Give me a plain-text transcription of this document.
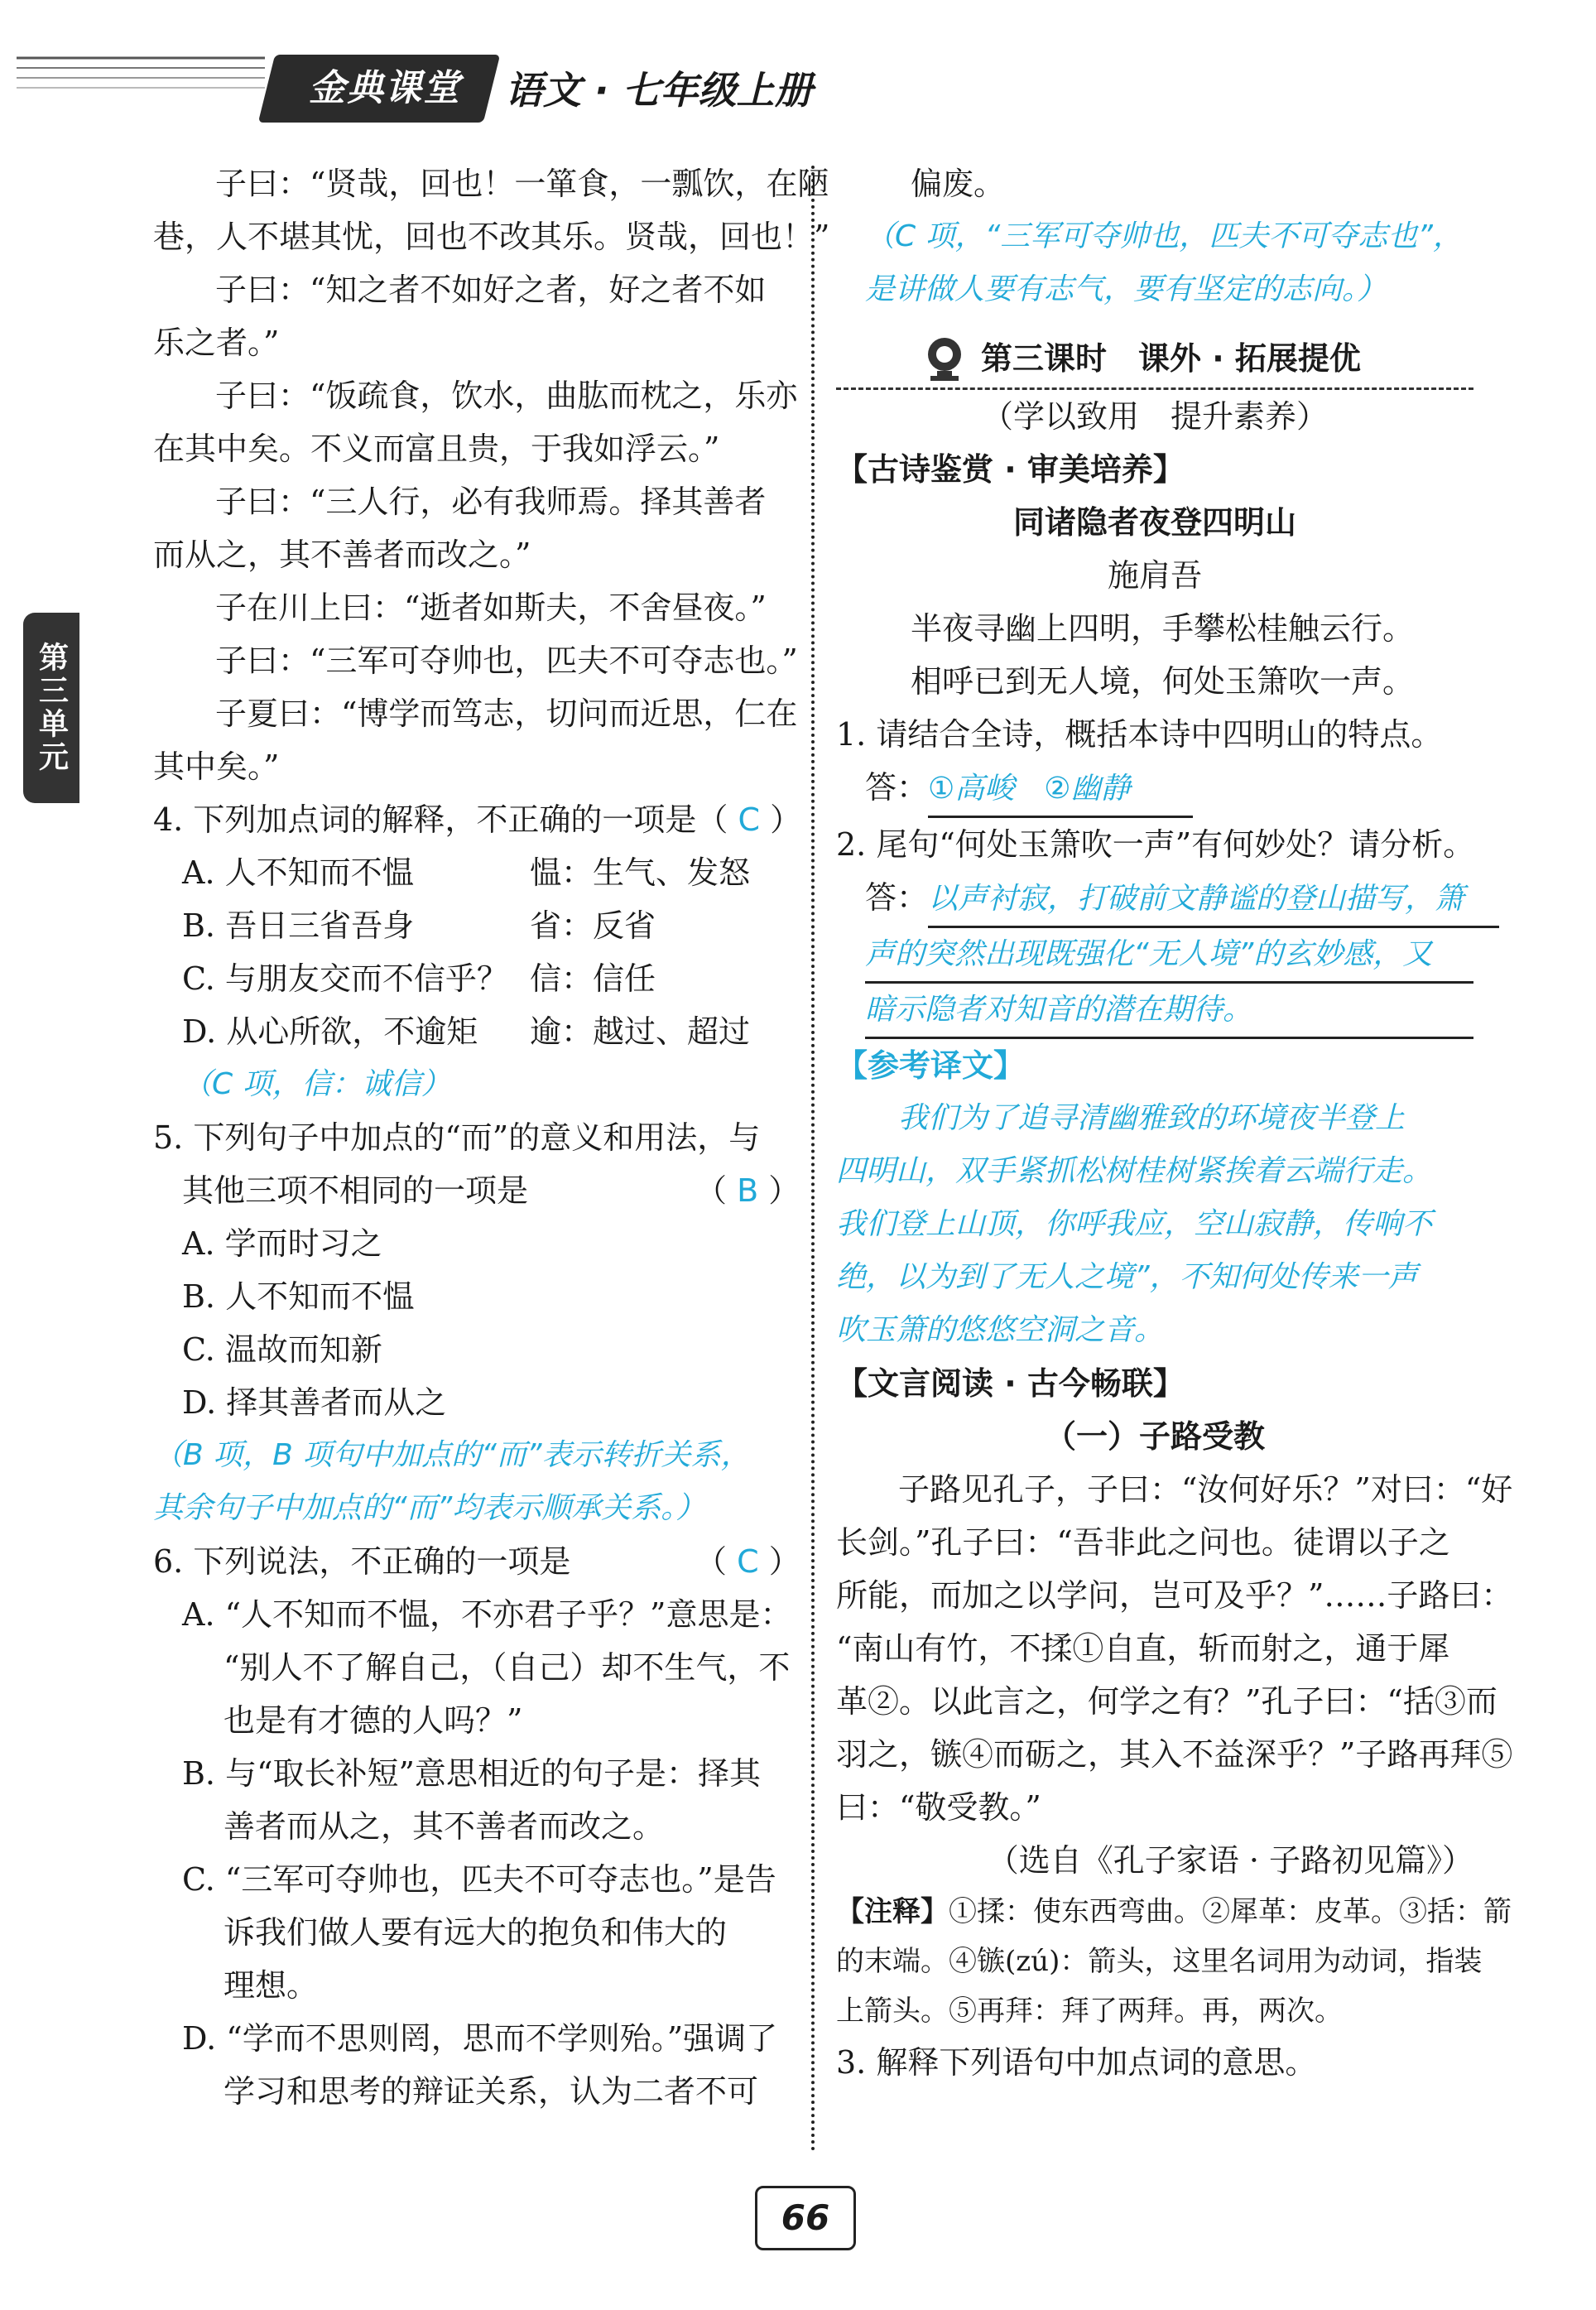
金典课堂	语文 · 七年级上册
第三单元
子曰：“贤哉，回也！一箪食，一瓢饮，在陋
巷，人不堪其忧，回也不改其乐。贤哉，回也！”
子曰：“知之者不如好之者，好之者不如
乐之者。”
子曰：“饭疏食，饮水，曲肱而枕之，乐亦
在其中矣。不义而富且贵，于我如浮云。”
子曰：“三人行，必有我师焉。择其善者
而从之，其不善者而改之。”
子在川上曰：“逝者如斯夫，不舍昼夜。”
子曰：“三军可夺帅也，匹夫不可夺志也。”
子夏曰：“博学而笃志，切问而近思，仁在
其中矣。”
4. 下列加点词的解释，不正确的一项是（ C ）
A. 人不知而不愠	愠：生气、发怒
B. 吾日三省吾身	省：反省
C. 与朋友交而不信乎？ 信：信任
D. 从心所欲，不逾矩 逾：越过、超过
（C 项，信：诚信）
5. 下列句子中加点的“而”的意义和用法，与
其他三项不相同的一项是	（ B ）
A. 学而时习之
B. 人不知而不愠
C. 温故而知新
D. 择其善者而从之
（B 项，B 项句中加点的“而”表示转折关系，
其余句子中加点的“而”均表示顺承关系。）
6. 下列说法，不正确的一项是	（ C ）
A. “人不知而不愠，不亦君子乎？”意思是：
“别人不了解自己，（自己）却不生气，不
也是有才德的人吗？”
B. 与“取长补短”意思相近的句子是：择其
善者而从之，其不善者而改之。
C. “三军可夺帅也，匹夫不可夺志也。”是告
诉我们做人要有远大的抱负和伟大的
理想。
D. “学而不思则罔，思而不学则殆。”强调了
学习和思考的辩证关系，认为二者不可
偏废。
（C 项，“三军可夺帅也，匹夫不可夺志也”，
是讲做人要有志气，要有坚定的志向。）
第三课时　课外 · 拓展提优
（学以致用　提升素养）
【古诗鉴赏 · 审美培养】
同诸隐者夜登四明山
施肩吾
半夜寻幽上四明，手攀松桂触云行。
相呼已到无人境，何处玉箫吹一声。
1. 请结合全诗，概括本诗中四明山的特点。
答：①高峻　②幽静
2. 尾句“何处玉箫吹一声”有何妙处？请分析。
答：以声衬寂，打破前文静谧的登山描写，箫
声的突然出现既强化“无人境”的玄妙感，又
暗示隐者对知音的潜在期待。
【参考译文】
我们为了追寻清幽雅致的环境夜半登上
四明山，双手紧抓松树桂树紧挨着云端行走。
我们登上山顶，你呼我应，空山寂静，传响不
绝，以为到了无人之境”，不知何处传来一声
吹玉箫的悠悠空洞之音。
【文言阅读 · 古今畅联】
（一）子路受教
子路见孔子，子曰：“汝何好乐？”对曰：“好
长剑。”孔子曰：“吾非此之问也。徒谓以子之
所能，而加之以学问，岂可及乎？”……子路曰：
“南山有竹，不揉①自直，斩而射之，通于犀
革②。以此言之，何学之有？”孔子曰：“括③而
羽之，镞④而砺之，其入不益深乎？”子路再拜⑤
曰：“敬受教。”
（选自《孔子家语 · 子路初见篇》）
【注释】①揉：使东西弯曲。②犀革：皮革。③括：箭
的末端。④镞(zú)：箭头，这里名词用为动词，指装
上箭头。⑤再拜：拜了两拜。再，两次。
3. 解释下列语句中加点词的意思。
66
